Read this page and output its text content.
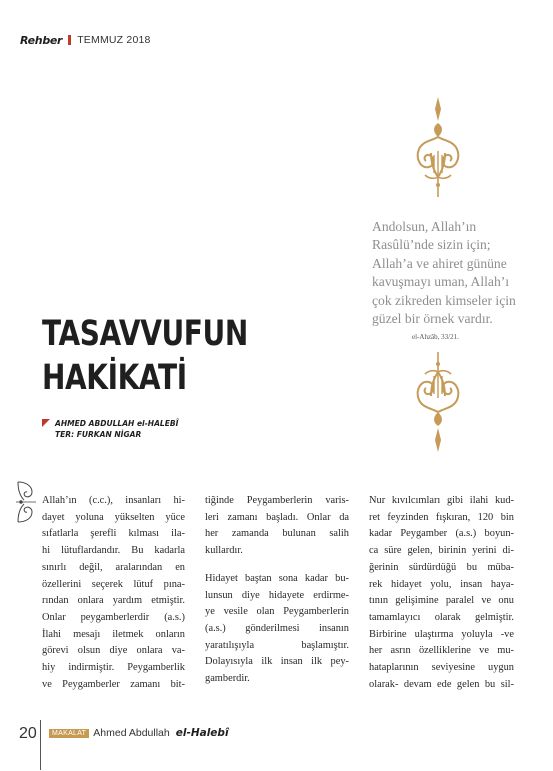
Rehber TEMMUZ 2018
Andolsun, Allah’ın
Rasûlü’nde sizin için;
Allah’a ve ahiret gününe
kavuşmayı uman, Allah’ı
çok zikreden kimseler için
güzel bir örnek vardır.
el-Ahzâb, 33/21.
TASAVVUFUN
HAKİKATİ
AHMED ABDULLAH el-HALEBÎ
TER: FURKAN NİGAR
Allah’ın (c.c.), insanları hi-
dayet yoluna yükselten yüce
sıfatlarla şerefli kılması ila-
hi lütuflardandır. Bu kadarla
sınırlı değil, aralarından en
özellerini seçerek lütuf pına-
rından onlara yardım etmiştir.
Onlar peygamberlerdir (a.s.)
İlahi mesajı iletmek onların
görevi olsun diye onlara va-
hiy indirmiştir. Peygamberlik
ve Peygamberler zamanı bit-
tiğinde Peygamberlerin varis-
leri zamanı başladı. Onlar da
her zamanda bulunan salih
kullardır.
Hidayet baştan sona kadar bu-
lunsun diye hidayete erdirme-
ye vesile olan Peygamberlerin
(a.s.) gönderilmesi insanın
yaratılışıyla başlamıştır.
Dolayısıyla ilk insan ilk pey-
gamberdir.
Nur kıvılcımları gibi ilahi kud-
ret feyzinden fışkıran, 120 bin
kadar Peygamber (a.s.) boyun-
ca süre gelen, birinin yerini di-
ğerinin sürdürdüğü bu müba-
rek hidayet yolu, insan haya-
tının gelişimine paralel ve onu
tamamlayıcı olarak gelmiştir.
Birbirine ulaştırma yoluyla -ve
her asrın özelliklerine ve mu-
hataplarının seviyesine uygun
olarak- devam ede gelen bu sil-
20	MAKALAT Ahmed Abdullah el-Halebî
